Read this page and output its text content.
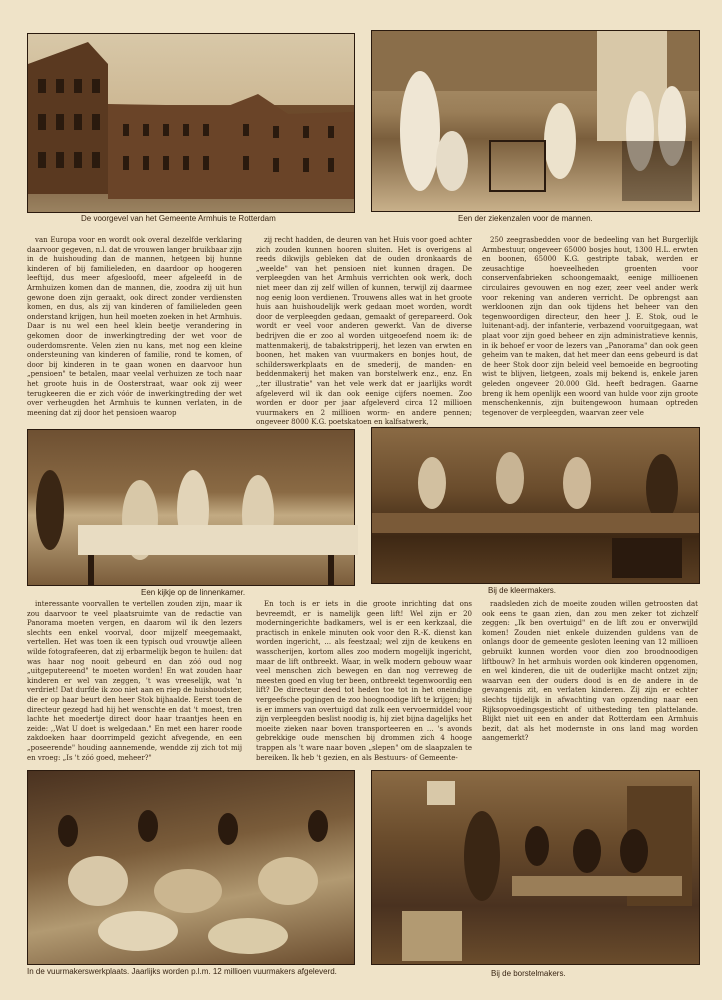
De voorgevel van het Gemeente Armhuis te Rotterdam	Een der ziekenzalen voor de mannen.

van Europa voor en wordt ook overal dezelfde verklaring daarvoor gegeven, n.l. dat de vrouwen langer bruikbaar zijn in de huishouding dan de mannen, hetgeen bij hunne kinderen of bij familieleden, en daardoor op hoogeren leeftijd, dus meer afgesloofd, meer afgeleefd in de Armhuizen komen dan de mannen, die, zoodra zij uit hun gewone doen zijn geraakt, ook direct zonder verdiensten komen, en dus, als zij van kinderen of familieleden geen onderstand krijgen, hun heil moeten zoeken in het Armhuis. Daar is nu wel een heel klein beetje verandering in gekomen door de inwerkingtreding der wet voor de ouderdomsrente. Velen zien nu kans, met nog een kleine ondersteuning van kinderen of familie, rond te komen, of door bij kinderen in te gaan wonen en daarvoor hun „pensioen" te betalen, maar veelal verhuizen ze toch naar het groote huis in de Oosterstraat, waar ook zij weer terugkeeren die er zich vóór de inwerkingtreding der wet over verheugden het Armhuis te kunnen verlaten, in de meening dat zij door het pensioen waarop

zij recht hadden, de deuren van het Huis voor goed achter zich zouden kunnen hooren sluiten. Het is overigens al reeds dikwijls gebleken dat de ouden dronkaards de „weelde" van het pensioen niet kunnen dragen. De verpleegden van het Armhuis verrichten ook werk, doch niet meer dan zij zelf willen of kunnen, terwijl zij daarmee nog eenig loon verdienen. Trouwens alles wat in het groote huis aan huishoudelijk werk gedaan moet worden, wordt door de verpleegden gedaan, gemaakt of gerepareerd. Ook wordt er veel voor anderen gewerkt. Van de diverse bedrijven die er zoo al worden uitgeoefend noem ik: de mattenmakerij, de tabakstripperij, het lezen van erwten en boonen, het maken van vuurmakers en bonjes hout, de schilderswerkplaats en de smederij, de manden- en beddenmakerij het maken van borstelwerk enz., enz. En ,,ter illustratie" van het vele werk dat er jaarlijks wordt afgeleverd wil ik dan ook eenige cijfers noemen. Zoo worden er door per jaar afgeleverd circa 12 millioen vuurmakers en 2 millioen worm- en andere pennen; ongeveer 8000 K.G. poetskatoen en kalfsatwerk,

250 zeegrasbedden voor de bedeeling van het Burgerlijk Armbestuur, ongeveer 65000 bosjes hout, 1300 H.L. erwten en boonen, 65000 K.G. gestripte tabak, werden er zeusachtige hoeveelheden groenten voor conservenfabrieken schoongemaakt, eenige millioenen circulaires gevouwen en nog ezer, zeer veel ander werk voor rekening van anderen verricht. De opbrengst aan werkloonen zijn dan ook tijdens het beheer van den tegenwoordigen directeur, den heer J. E. Stok, oud le luitenant-adj. der infanterie, verbazend vooruitgegaan, wat plaat voor zijn goed beheer en zijn administratieve kennis, in ik behoef er voor de lezers van „Panorama" dan ook geen geheim van te maken, dat het meer dan eens gebeurd is dat de heer Stok door zijn beleid veel bemoeide en begrooting wist te blijven, lietgeen, zoals mij bekend is, enkele jaren geleden ongeveer 20.000 Gld. heeft bedragen. Gaarne breng ik hem openlijk een woord van hulde voor zijn groote menschenkennis, zijn buitengewoon humaan optreden tegenover de verpleegden, waarvan zeer vele

Een kijkje op de linnenkamer.	Bij de kleermakers.

interessante voorvallen te vertellen zouden zijn, maar ik zou daarvoor te veel plaatsruimte van de redactie van Panorama moeten vergen, en daarom wil ik den lezers slechts een enkel voorval, door mijzelf meegemaakt, vertellen. Het was toen ik een typisch oud vrouwtje alleen wilde fotografeeren, dat zij erbarmelijk begon te huilen: dat was haar nog nooit gebeurd en dan zóó oud nog „uitgeputereend" te moeten worden! En wat zouden haar kinderen er wel van zeggen, 't was vreeselijk, wat 'n verdriet! Dat durfde ik zoo niet aan en riep de huishoudster, die er op haar beurt den heer Stok bijhaalde. Eerst toen de directeur gezegd had hij het wenschte en dat 't moest, tren lachte het moedertje direct door haar traantjes heen en zeide: ,,Wat U doet is welgedaan." En met een harer roode zakdoeken haar doorrimpeld gezicht afvegende, en een „poseerende" houding aannemende, wendde zij zich tot mij en vroeg: „Is 't zóó goed, meheer?"

En toch is er iets in die groote inrichting dat ons bevreemdt, er is namelijk geen lift! Wel zijn er 20 moderningerichte badkamers, wel is er een kerkzaal, die practisch in enkele minuten ook voor den R.-K. dienst kan worden ingericht, ... als feestzaal; wel zijn de keukens en wasscherijen, kortom alles zoo modern mogelijk ingericht, maar de lift ontbreekt. Waar, in welk modern gebouw waar veel menschen zich bewegen en dan nog verreweg de meesten goed en vlug ter been, ontbreekt tegenwoordig een lift? De directeur deed tot heden toe tot in het oneindige vergeefsche pogingen de zoo hoognoodige lift te krijgen; hij is er immers van overtuigd dat zulk een vervoermiddel voor zijn verpleegden beslist noodig is, hij ziet bijna dagelijks het moeite zieken naar boven transporteeren en ... 's avonds gebrekkige oude menschen bij drommen zich 4 hooge trappen als 't ware naar boven „slepen" om de slaapzalen te bereiken. Ik heb 't gezien, en als Bestuurs- of Gemeente-

raadsleden zich de moeite zouden willen getroosten dat ook eens te gaan zien, dan zou men zeker tot zichzelf zeggen: „Ik ben overtuigd" en de lift zou er onverwijld komen! Zouden niet enkele duizenden guldens van de onlangs door de gemeente gesloten leening van 12 millioen gebruikt kunnen worden voor dien zoo broodnoodigen liftbouw? In het armhuis worden ook kinderen opgenomen, en wel kinderen, die uit de ouderlijke macht ontzet zijn; waarvan een der ouders dood is en de andere in de gevangenis zit, en verlaten kinderen. Zij zijn er echter slechts tijdelijk in afwachting van opzending naar een Rijksopvoedingsgesticht of uitbesteding ten plattelande. Blijkt niet uit een en ander dat Rotterdam een Armhuis bezit, dat als het modernste in ons land mag worden aangemerkt?

In de vuurmakerswerkplaats. Jaarlijks worden p.l.m. 12 millioen vuurmakers afgeleverd.	Bij de borstelmakers.
